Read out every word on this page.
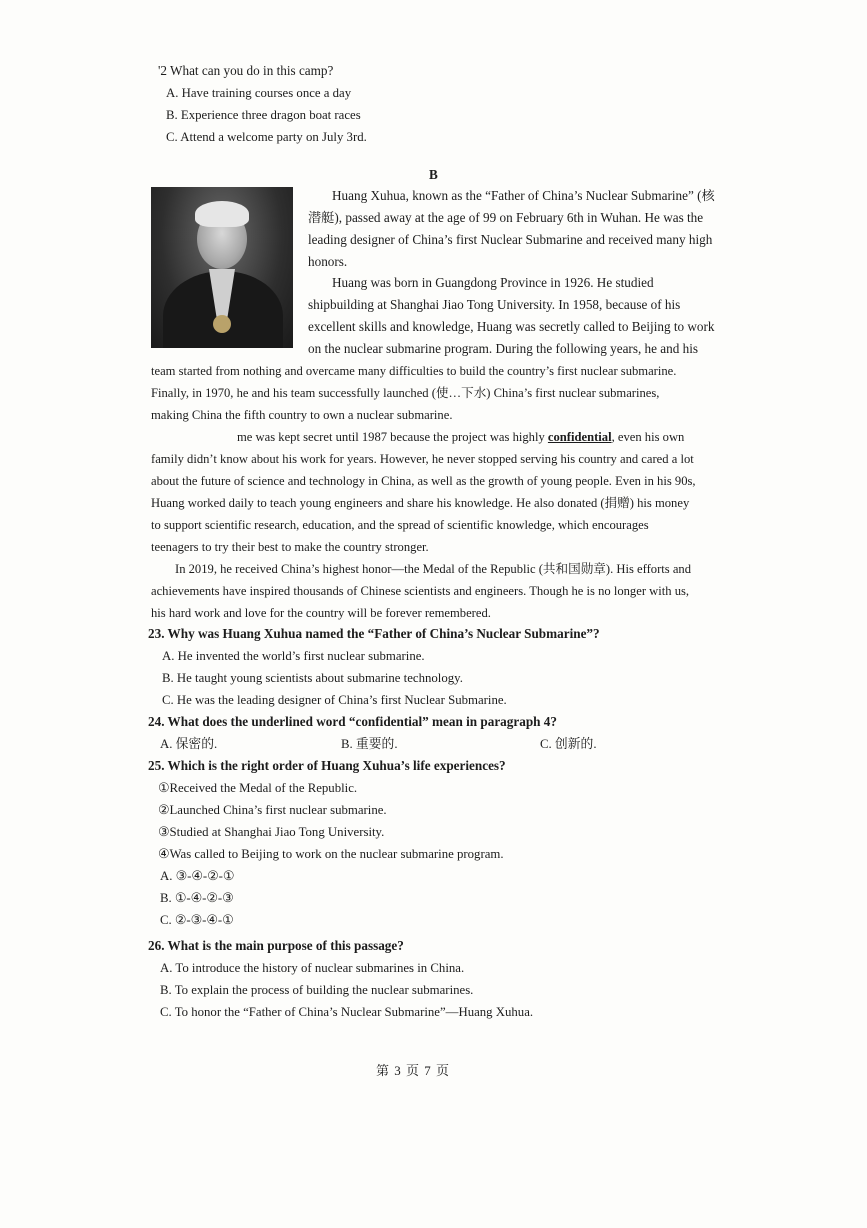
'2 What can you do in this camp?
A. Have training courses once a day
B. Experience three dragon boat races
C. Attend a welcome party on July 3rd.
B
Huang Xuhua, known as the “Father of China’s Nuclear Submarine” (核
潜艇), passed away at the age of 99 on February 6th in Wuhan. He was the
leading designer of China’s first Nuclear Submarine and received many high
honors.
Huang was born in Guangdong Province in 1926. He studied
shipbuilding at Shanghai Jiao Tong University. In 1958, because of his
excellent skills and knowledge, Huang was secretly called to Beijing to work
on the nuclear submarine program. During the following years, he and his
team started from nothing and overcame many difficulties to build the country’s first nuclear submarine.
Finally, in 1970, he and his team successfully launched (使…下水) China’s first nuclear submarines,
making China the fifth country to own a nuclear submarine.
me was kept secret until 1987 because the project was highly confidential, even his own
family didn’t know about his work for years. However, he never stopped serving his country and cared a lot
about the future of science and technology in China, as well as the growth of young people. Even in his 90s,
Huang worked daily to teach young engineers and share his knowledge. He also donated (捐赠) his money
to support scientific research, education, and the spread of scientific knowledge, which encourages
teenagers to try their best to make the country stronger.
In 2019, he received China’s highest honor—the Medal of the Republic (共和国勋章). His efforts and
achievements have inspired thousands of Chinese scientists and engineers. Though he is no longer with us,
his hard work and love for the country will be forever remembered.
23. Why was Huang Xuhua named the “Father of China’s Nuclear Submarine”?
A. He invented the world’s first nuclear submarine.
B. He taught young scientists about submarine technology.
C. He was the leading designer of China’s first Nuclear Submarine.
24. What does the underlined word “confidential” mean in paragraph 4?
A. 保密的.	B. 重要的.	C. 创新的.
25. Which is the right order of Huang Xuhua’s life experiences?
①Received the Medal of the Republic.
②Launched China’s first nuclear submarine.
③Studied at Shanghai Jiao Tong University.
④Was called to Beijing to work on the nuclear submarine program.
A. ③-④-②-①
B. ①-④-②-③
C. ②-③-④-①
26. What is the main purpose of this passage?
A. To introduce the history of nuclear submarines in China.
B. To explain the process of building the nuclear submarines.
C. To honor the “Father of China’s Nuclear Submarine”—Huang Xuhua.
第 3 页 7 页
